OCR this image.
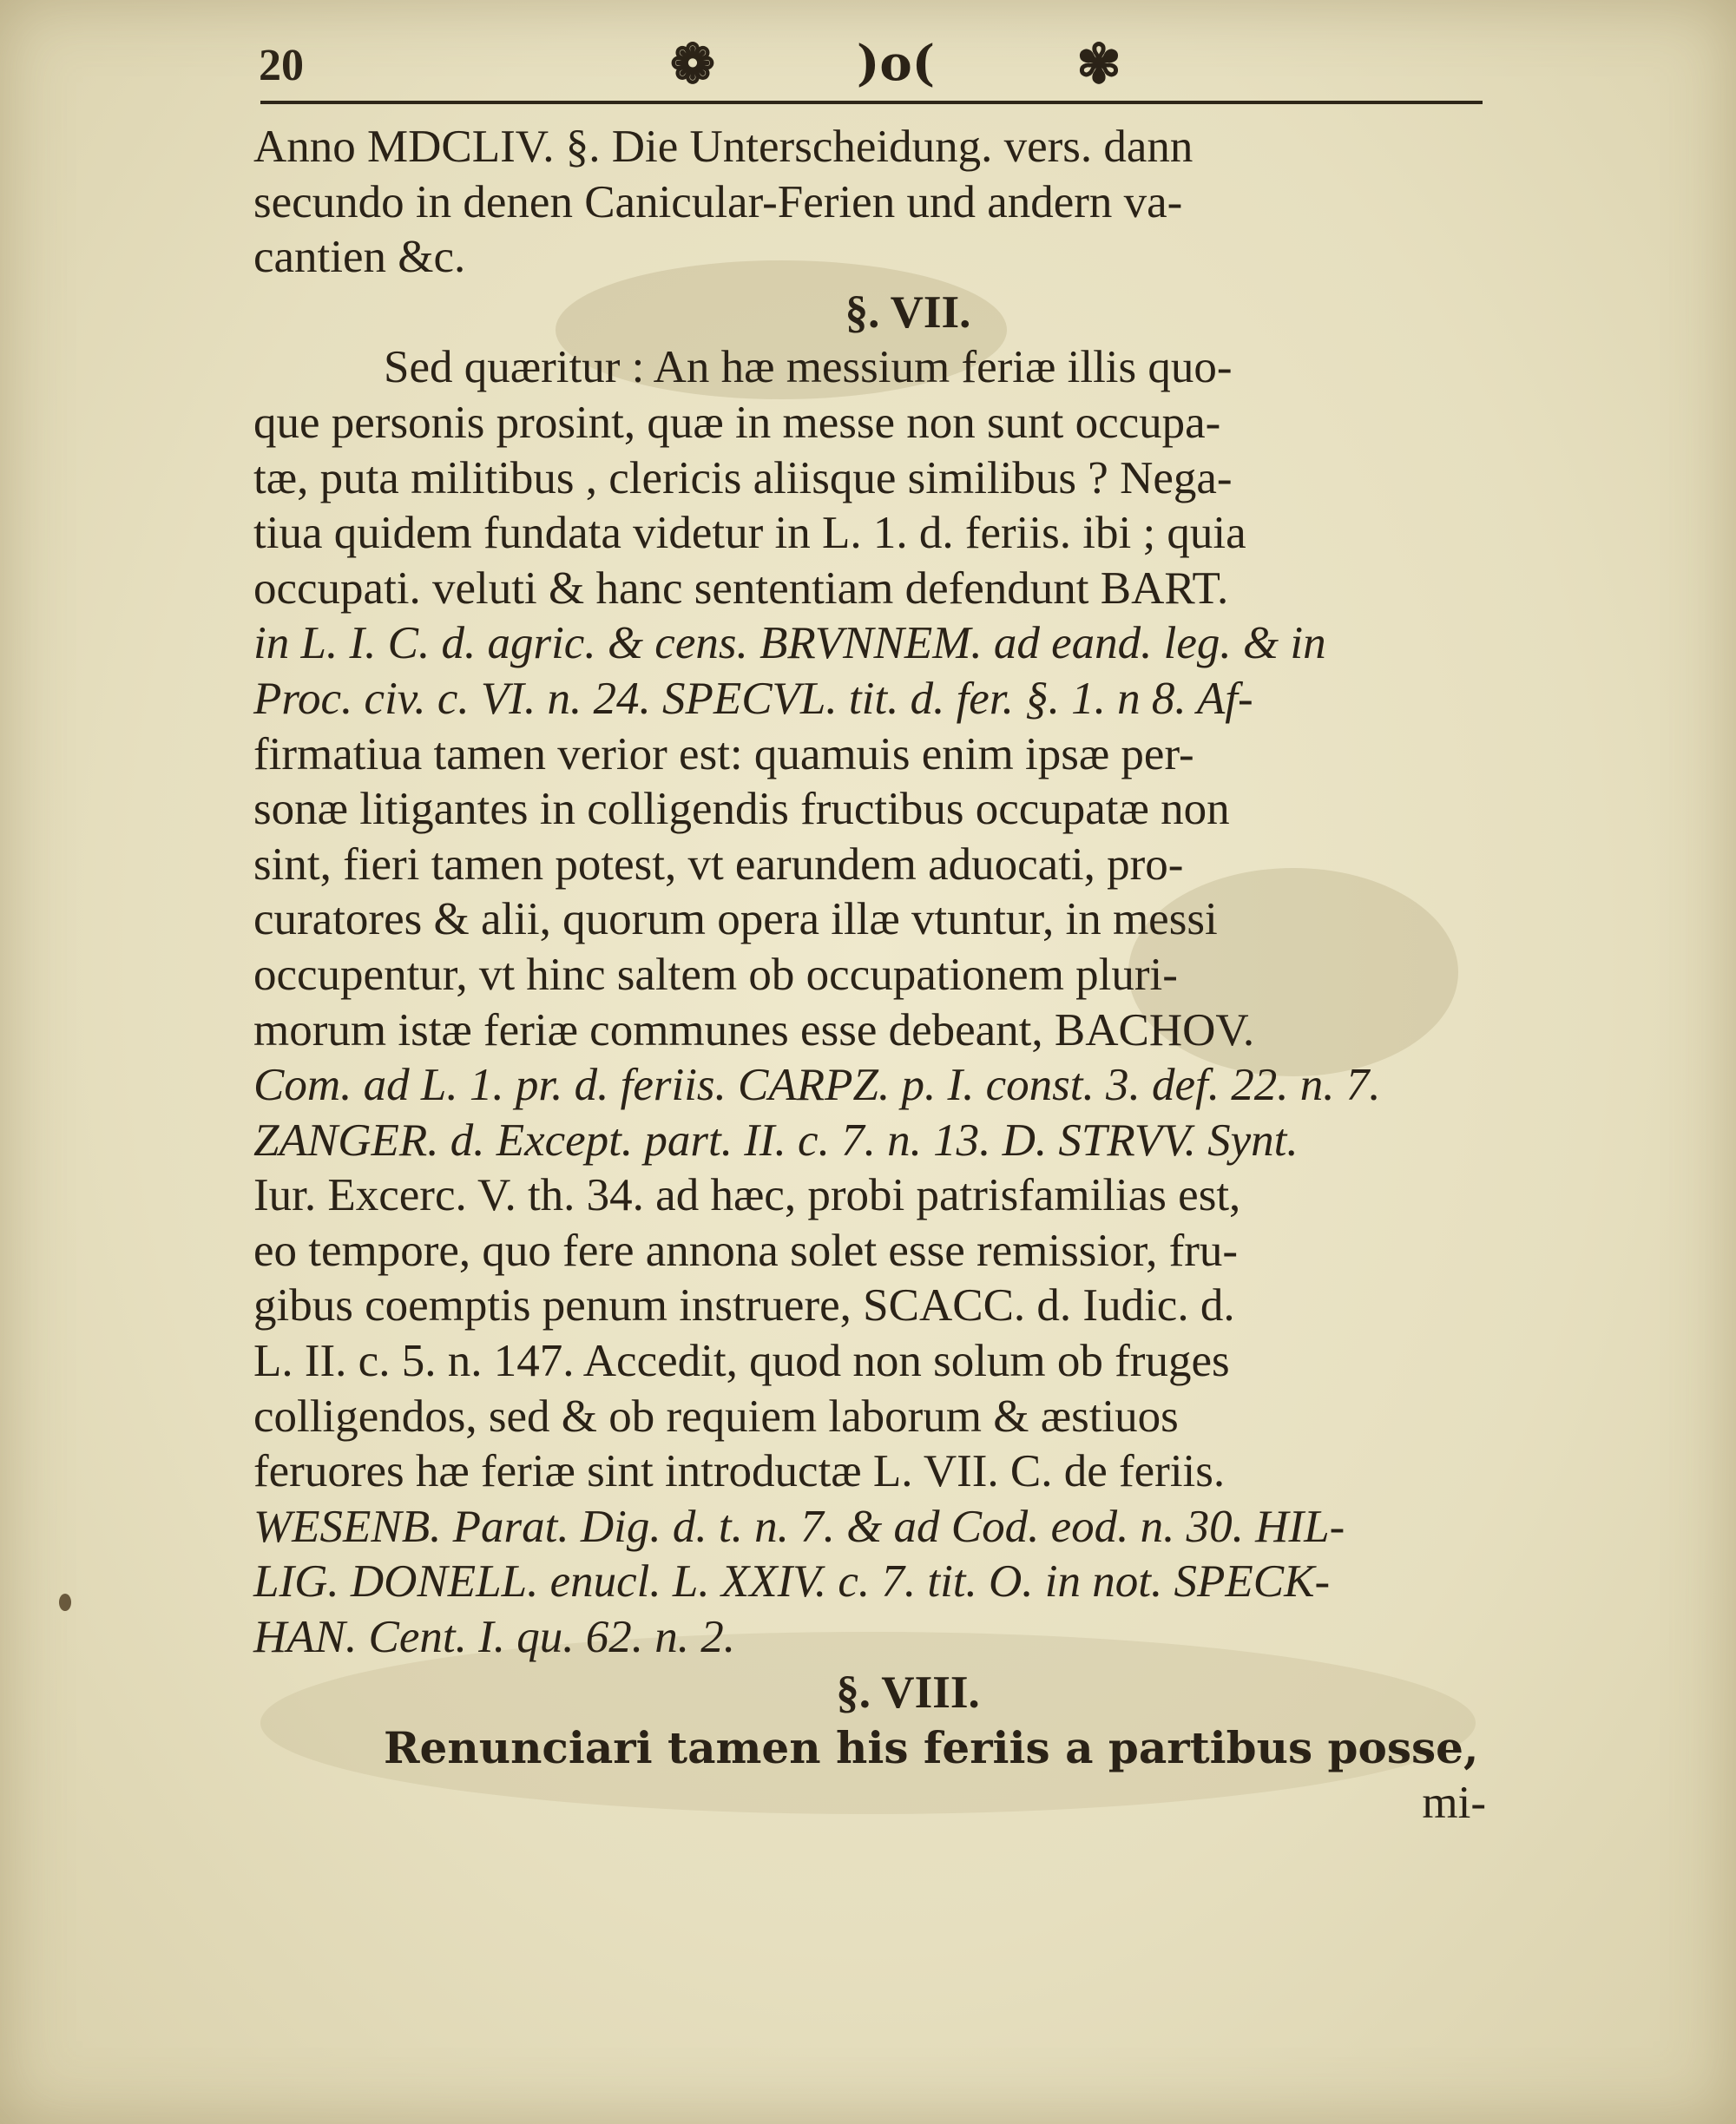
20	❁	)o(	✾
Anno MDCLIV. §. Die Unterscheidung. vers. dann
secundo in denen Canicular-Ferien und andern va-
cantien &c.
§. VII.
Sed quæritur : An hæ messium feriæ illis quo-
que personis prosint, quæ in messe non sunt occupa-
tæ, puta militibus , clericis aliisque similibus ? Nega-
tiua quidem fundata videtur in L. 1. d. feriis. ibi ; quia
occupati. veluti & hanc sententiam defendunt BART.
in L. I. C. d. agric. & cens. BRVNNEM. ad eand. leg. & in
Proc. civ. c. VI. n. 24. SPECVL. tit. d. fer. §. 1. n 8. Af-
firmatiua tamen verior est: quamuis enim ipsæ per-
sonæ litigantes in colligendis fructibus occupatæ non
sint, fieri tamen potest, vt earundem aduocati, pro-
curatores & alii, quorum opera illæ vtuntur, in messi
occupentur, vt hinc saltem ob occupationem pluri-
morum istæ feriæ communes esse debeant, BACHOV.
Com. ad L. 1. pr. d. feriis. CARPZ. p. I. const. 3. def. 22. n. 7.
ZANGER. d. Except. part. II. c. 7. n. 13. D. STRVV. Synt.
Iur. Excerc. V. th. 34. ad hæc, probi patrisfamilias est,
eo tempore, quo fere annona solet esse remissior, fru-
gibus coemptis penum instruere, SCACC. d. Iudic. d.
L. II. c. 5. n. 147. Accedit, quod non solum ob fruges
colligendos, sed & ob requiem laborum & æstiuos
feruores hæ feriæ sint introductæ L. VII. C. de feriis.
WESENB. Parat. Dig. d. t. n. 7. & ad Cod. eod. n. 30. HIL-
LIG. DONELL. enucl. L. XXIV. c. 7. tit. O. in not. SPECK-
HAN. Cent. I. qu. 62. n. 2.
§. VIII.
Renunciari tamen his feriis a partibus posse,
mi-
